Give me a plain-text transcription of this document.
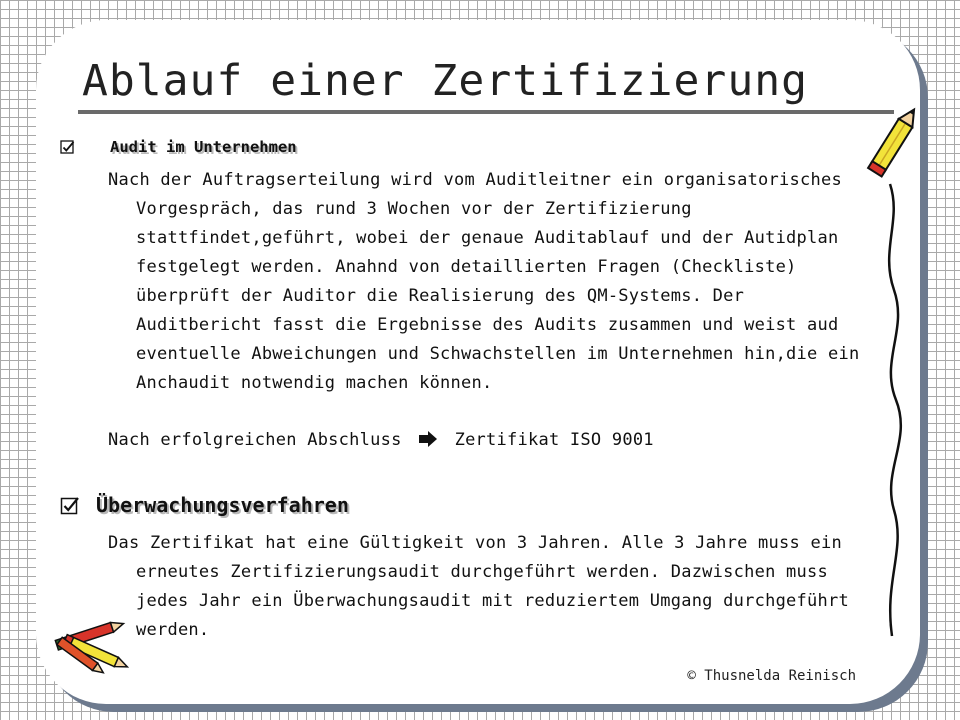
Ablauf einer Zertifizierung
Audit im Unternehmen

Nach der Auftragserteilung wird vom Auditleitner ein organisatorisches Vorgespräch, das rund 3 Wochen vor der Zertifizierung stattfindet,geführt, wobei der genaue Auditablauf und der Autidplan festgelegt werden. Anahnd von detaillierten Fragen (Checkliste) überprüft der Auditor die Realisierung des QM-Systems. Der Auditbericht fasst die Ergebnisse des Audits zusammen und weist aud eventuelle Abweichungen und Schwachstellen im Unternehmen hin,die ein Anchaudit notwendig machen können.

Nach erfolgreichen Abschluss	Zertifikat ISO 9001
Überwachungsverfahren

Das Zertifikat hat eine Gültigkeit von 3 Jahren. Alle 3 Jahre muss ein erneutes Zertifizierungsaudit durchgeführt werden. Dazwischen muss jedes Jahr ein Überwachungsaudit mit reduziertem Umgang durchgeführt werden.

© Thusnelda Reinisch
